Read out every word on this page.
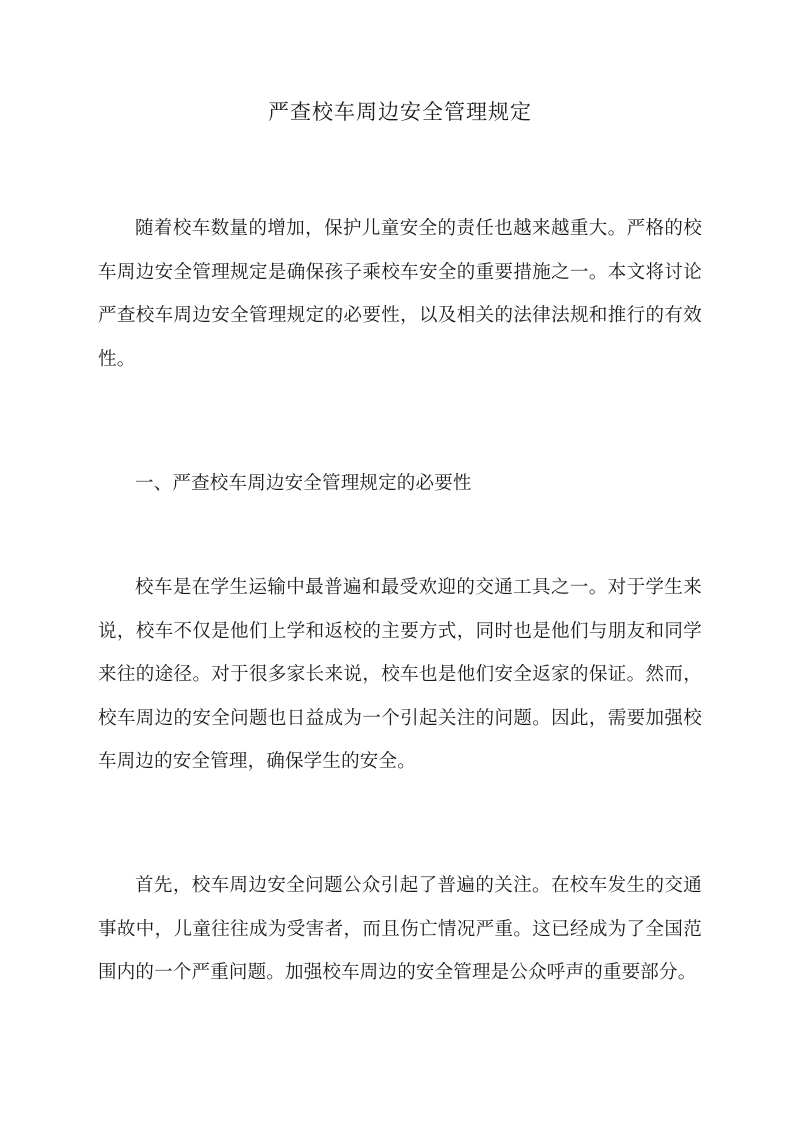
严查校车周边安全管理规定

随着校车数量的增加，保护儿童安全的责任也越来越重大。严格的校车周边安全管理规定是确保孩子乘校车安全的重要措施之一。本文将讨论严查校车周边安全管理规定的必要性，以及相关的法律法规和推行的有效性。

一、严查校车周边安全管理规定的必要性

校车是在学生运输中最普遍和最受欢迎的交通工具之一。对于学生来说，校车不仅是他们上学和返校的主要方式，同时也是他们与朋友和同学来往的途径。对于很多家长来说，校车也是他们安全返家的保证。然而，校车周边的安全问题也日益成为一个引起关注的问题。因此，需要加强校车周边的安全管理，确保学生的安全。

首先，校车周边安全问题公众引起了普遍的关注。在校车发生的交通事故中，儿童往往成为受害者，而且伤亡情况严重。这已经成为了全国范围内的一个严重问题。加强校车周边的安全管理是公众呼声的重要部分。
